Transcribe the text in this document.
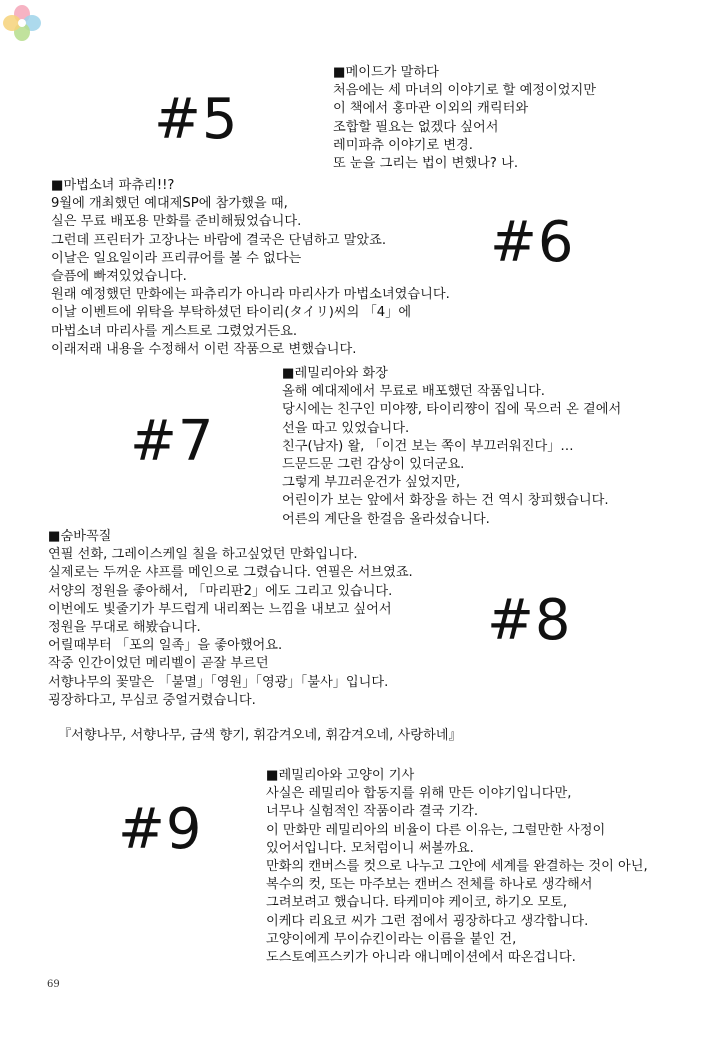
#5
■메이드가 말하다
처음에는 세 마녀의 이야기로 할 예정이었지만
이 책에서 홍마관 이외의 캐릭터와
조합할 필요는 없겠다 싶어서
레미파츄 이야기로 변경.
또 눈을 그리는 법이 변했나? 나.
■마법소녀 파츄리!!?
9월에 개최했던 예대제SP에 참가했을 때,
실은 무료 배포용 만화를 준비해뒀었습니다.
그런데 프린터가 고장나는 바람에 결국은 단념하고 말았죠.
이날은 일요일이라 프리큐어를 볼 수 없다는
슬픔에 빠져있었습니다.
원래 예정했던 만화에는 파츄리가 아니라 마리사가 마법소녀였습니다.
이날 이벤트에 위탁을 부탁하셨던 타이리(タイリ)씨의 「4」에
마법소녀 마리사를 게스트로 그렸었거든요.
이래저래 내용을 수정해서 이런 작품으로 변했습니다.
#6
#7
■레밀리아와 화장
올해 예대제에서 무료로 배포했던 작품입니다.
당시에는 친구인 미야쨩, 타이리쨩이 집에 묵으러 온 곁에서
선을 따고 있었습니다.
친구(남자) 왈, 「이건 보는 쪽이 부끄러워진다」…
드문드문 그런 감상이 있더군요.
그렇게 부끄러운건가 싶었지만,
어린이가 보는 앞에서 화장을 하는 건 역시 창피했습니다.
어른의 계단을 한걸음 올라섰습니다.
■숨바꼭질
연필 선화, 그레이스케일 칠을 하고싶었던 만화입니다.
실제로는 두꺼운 샤프를 메인으로 그렸습니다. 연필은 서브였죠.
서양의 정원을 좋아해서, 「마리판2」에도 그리고 있습니다.
이번에도 빛줄기가 부드럽게 내리쬐는 느낌을 내보고 싶어서
정원을 무대로 해봤습니다.
어릴때부터 「포의 일족」을 좋아했어요.
작중 인간이었던 메리벨이 곧잘 부르던
서향나무의 꽃말은 「불멸」「영원」「영광」「불사」입니다.
굉장하다고, 무심코 중얼거렸습니다.
#8
『서향나무, 서향나무, 금색 향기, 휘감겨오네, 휘감겨오네, 사랑하네』
#9
■레밀리아와 고양이 기사
사실은 레밀리아 합동지를 위해 만든 이야기입니다만,
너무나 실험적인 작품이라 결국 기각.
이 만화만 레밀리아의 비율이 다른 이유는, 그럴만한 사정이
있어서입니다. 모처럼이니 써볼까요.
만화의 캔버스를 컷으로 나누고 그안에 세계를 완결하는 것이 아닌,
복수의 컷, 또는 마주보는 캔버스 전체를 하나로 생각해서
그려보려고 했습니다. 타케미야 케이코, 하기오 모토,
이케다 리요코 씨가 그런 점에서 굉장하다고 생각합니다.
고양이에게 무이슈킨이라는 이름을 붙인 건,
도스토예프스키가 아니라 애니메이션에서 따온겁니다.
69
